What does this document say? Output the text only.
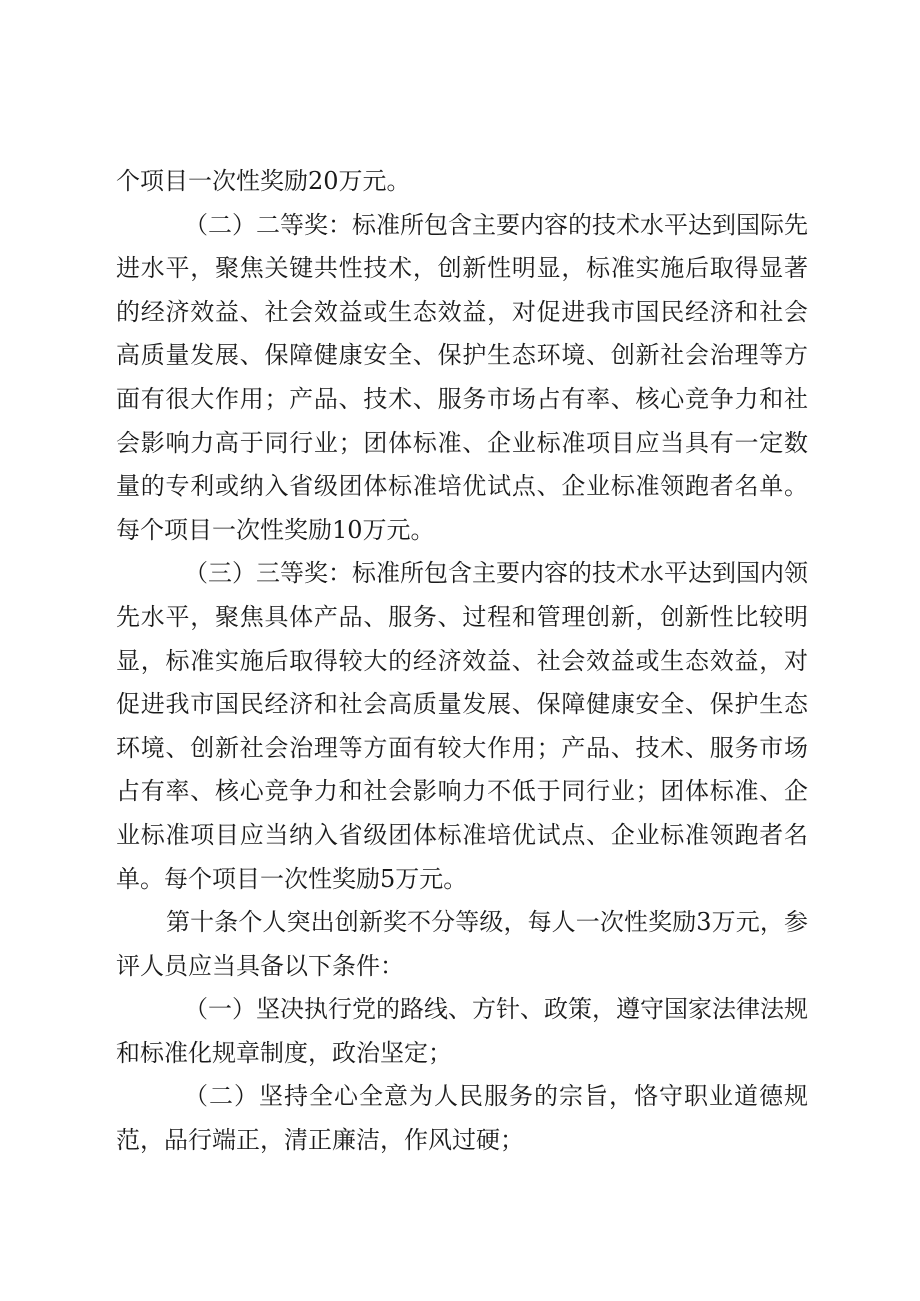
个项目一次性奖励20万元。

（二）二等奖：标准所包含主要内容的技术水平达到国际先进水平，聚焦关键共性技术，创新性明显，标准实施后取得显著的经济效益、社会效益或生态效益，对促进我市国民经济和社会高质量发展、保障健康安全、保护生态环境、创新社会治理等方面有很大作用；产品、技术、服务市场占有率、核心竞争力和社会影响力高于同行业；团体标准、企业标准项目应当具有一定数量的专利或纳入省级团体标准培优试点、企业标准领跑者名单。每个项目一次性奖励10万元。

（三）三等奖：标准所包含主要内容的技术水平达到国内领先水平，聚焦具体产品、服务、过程和管理创新，创新性比较明显，标准实施后取得较大的经济效益、社会效益或生态效益，对促进我市国民经济和社会高质量发展、保障健康安全、保护生态环境、创新社会治理等方面有较大作用；产品、技术、服务市场占有率、核心竞争力和社会影响力不低于同行业；团体标准、企业标准项目应当纳入省级团体标准培优试点、企业标准领跑者名单。每个项目一次性奖励5万元。

第十条个人突出创新奖不分等级，每人一次性奖励3万元，参评人员应当具备以下条件：

（一）坚决执行党的路线、方针、政策，遵守国家法律法规和标准化规章制度，政治坚定；

（二）坚持全心全意为人民服务的宗旨，恪守职业道德规范，品行端正，清正廉洁，作风过硬；
